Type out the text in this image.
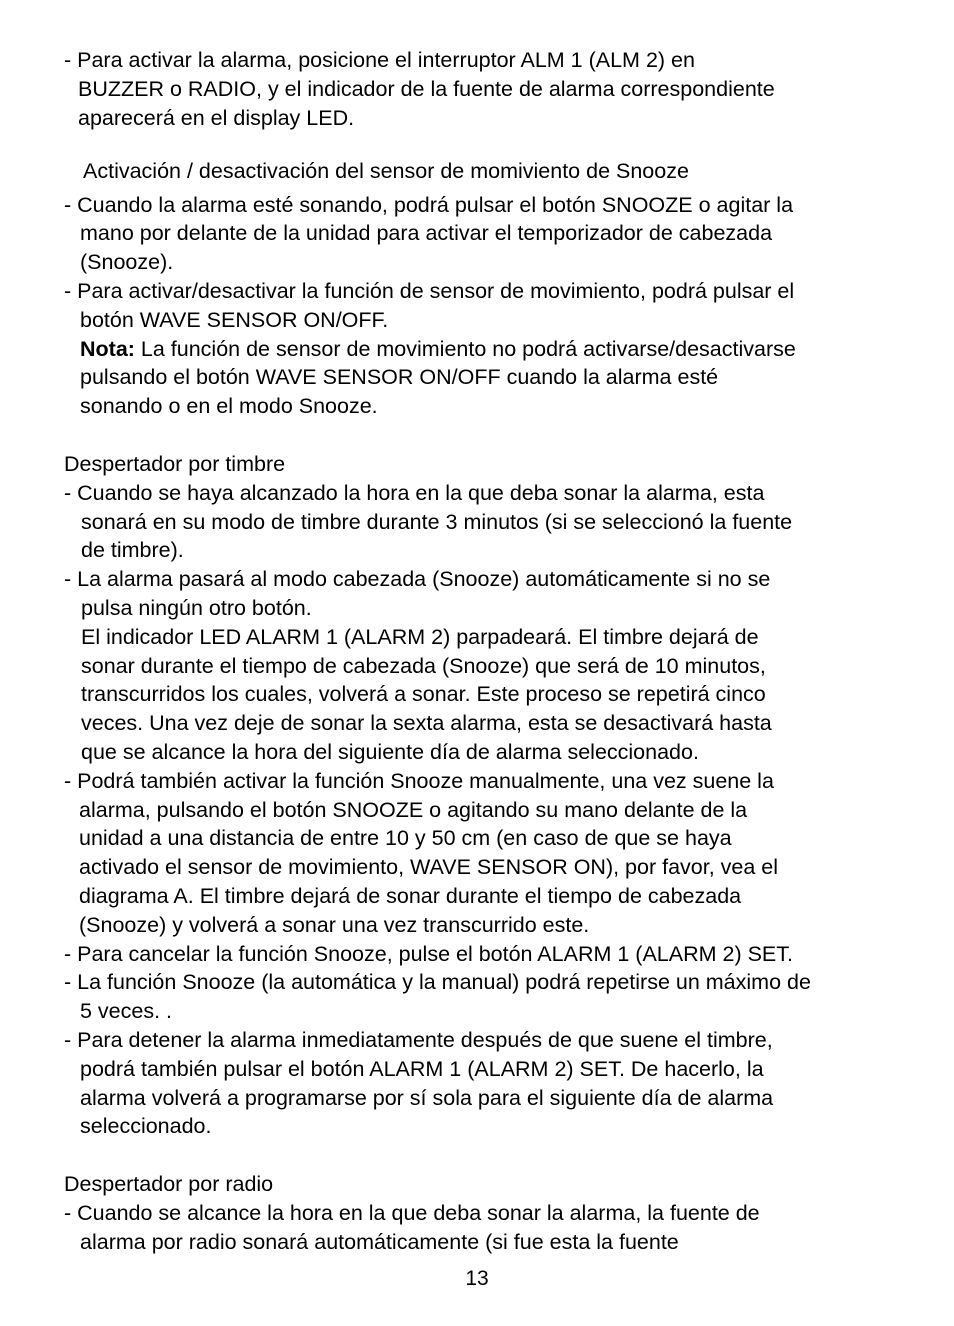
- Para activar la alarma, posicione el interruptor ALM 1 (ALM 2) en
BUZZER o RADIO, y el indicador de la fuente de alarma correspondiente
aparecerá en el display LED.
Activación / desactivación del sensor de momiviento de Snooze
- Cuando la alarma esté sonando, podrá pulsar el botón SNOOZE o agitar la
mano por delante de la unidad para activar el temporizador de cabezada
(Snooze).
- Para activar/desactivar la función de sensor de movimiento, podrá pulsar el
botón WAVE SENSOR ON/OFF.
Nota: La función de sensor de movimiento no podrá activarse/desactivarse
pulsando el botón WAVE SENSOR ON/OFF cuando la alarma esté
sonando o en el modo Snooze.
Despertador por timbre
- Cuando se haya alcanzado la hora en la que deba sonar la alarma, esta
sonará en su modo de timbre durante 3 minutos (si se seleccionó la fuente
de timbre).
- La alarma pasará al modo cabezada (Snooze) automáticamente si no se
pulsa ningún otro botón.
El indicador LED ALARM 1 (ALARM 2) parpadeará. El timbre dejará de
sonar durante el tiempo de cabezada (Snooze) que será de 10 minutos,
transcurridos los cuales, volverá a sonar. Este proceso se repetirá cinco
veces. Una vez deje de sonar la sexta alarma, esta se desactivará hasta
que se alcance la hora del siguiente día de alarma seleccionado.
- Podrá también activar la función Snooze manualmente, una vez suene la
alarma, pulsando el botón SNOOZE o agitando su mano delante de la
unidad a una distancia de entre 10 y 50 cm (en caso de que se haya
activado el sensor de movimiento, WAVE SENSOR ON), por favor, vea el
diagrama A. El timbre dejará de sonar durante el tiempo de cabezada
(Snooze) y volverá a sonar una vez transcurrido este.
- Para cancelar la función Snooze, pulse el botón ALARM 1 (ALARM 2) SET.
- La función Snooze (la automática y la manual) podrá repetirse un máximo de
5 veces. .
- Para detener la alarma inmediatamente después de que suene el timbre,
podrá también pulsar el botón ALARM 1 (ALARM 2) SET. De hacerlo, la
alarma volverá a programarse por sí sola para el siguiente día de alarma
seleccionado.
Despertador por radio
- Cuando se alcance la hora en la que deba sonar la alarma, la fuente de
alarma por radio sonará automáticamente (si fue esta la fuente
13
